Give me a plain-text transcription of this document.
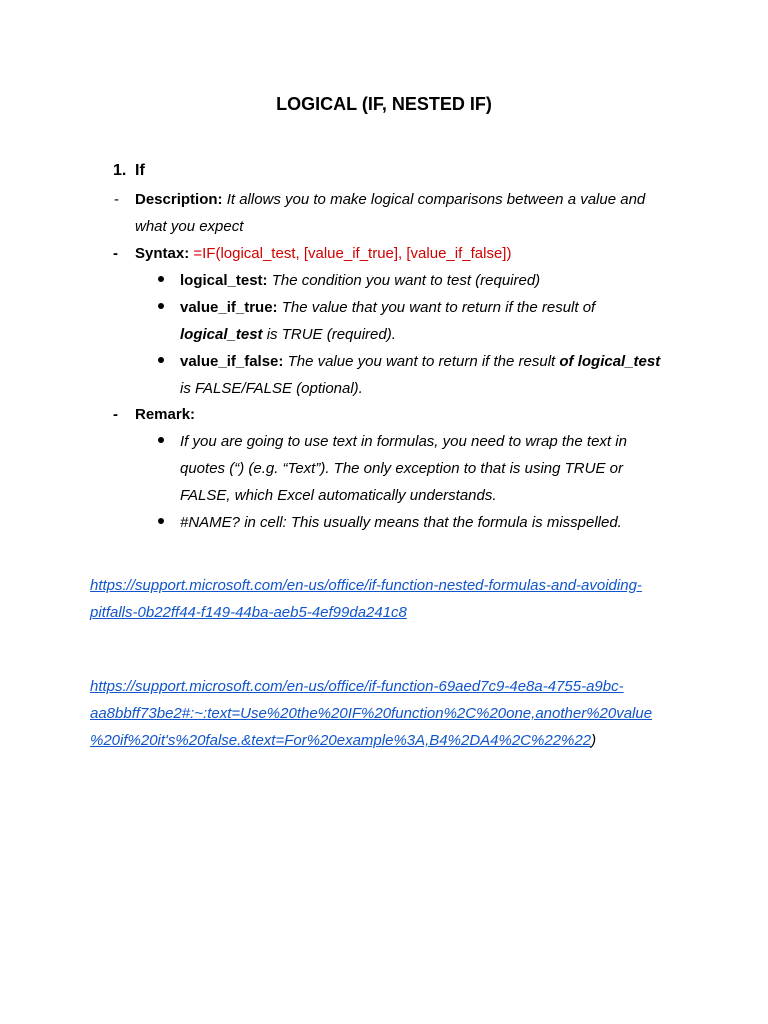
LOGICAL (IF, NESTED IF)
1. If
- Description: It allows you to make logical comparisons between a value and
what you expect
- Syntax: =IF(logical_test, [value_if_true], [value_if_false])
logical_test: The condition you want to test (required)
value_if_true: The value that you want to return if the result of
logical_test is TRUE (required).
value_if_false: The value you want to return if the result of logical_test
is FALSE/FALSE (optional).
- Remark:
If you are going to use text in formulas, you need to wrap the text in
quotes (“) (e.g. “Text”). The only exception to that is using TRUE or
FALSE, which Excel automatically understands.
#NAME? in cell: This usually means that the formula is misspelled.
https://support.microsoft.com/en-us/office/if-function-nested-formulas-and-avoiding-
pitfalls-0b22ff44-f149-44ba-aeb5-4ef99da241c8
https://support.microsoft.com/en-us/office/if-function-69aed7c9-4e8a-4755-a9bc-
aa8bbff73be2#:~:text=Use%20the%20IF%20function%2C%20one,another%20value
%20if%20it's%20false.&text=For%20example%3A,B4%2DA4%2C%22%22)
